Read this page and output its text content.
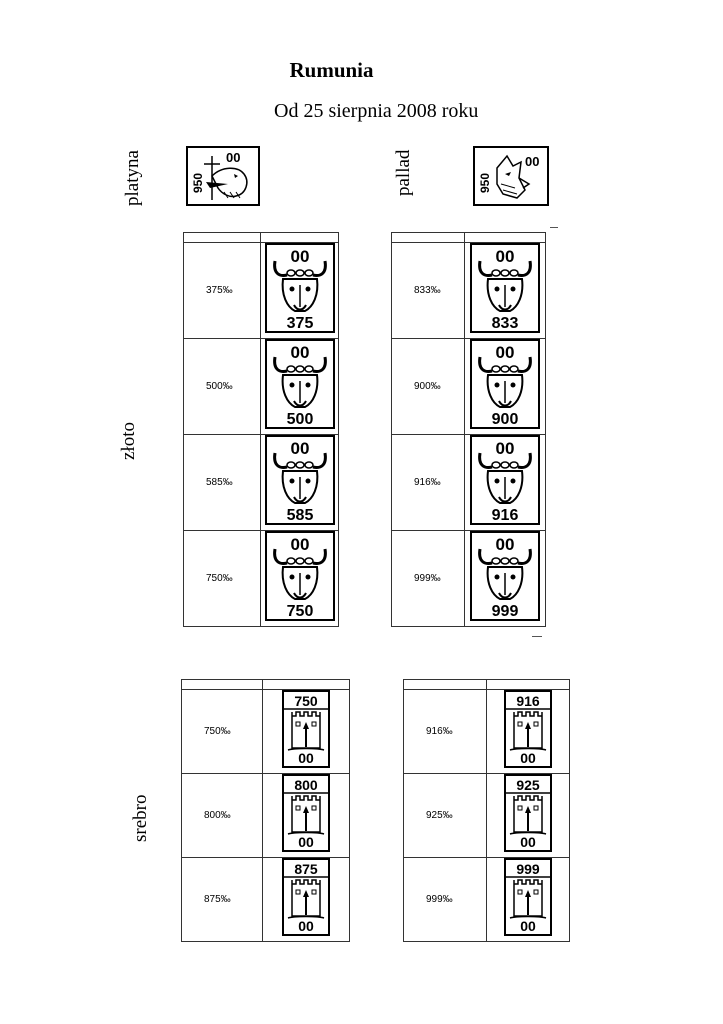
Rumunia
Od 25 sierpnia 2008 roku
platyna	pallad
złoto
srebro
950
00
950
00

375‰	00
375

500‰	00
500

585‰	00
585

750‰	00
750

833‰	00
833

900‰	00
900

916‰	00
916

999‰	00
999

750‰	750
00

800‰	800
00

875‰	875
00

916‰	916
00

925‰	925
00

999‰	999
00
